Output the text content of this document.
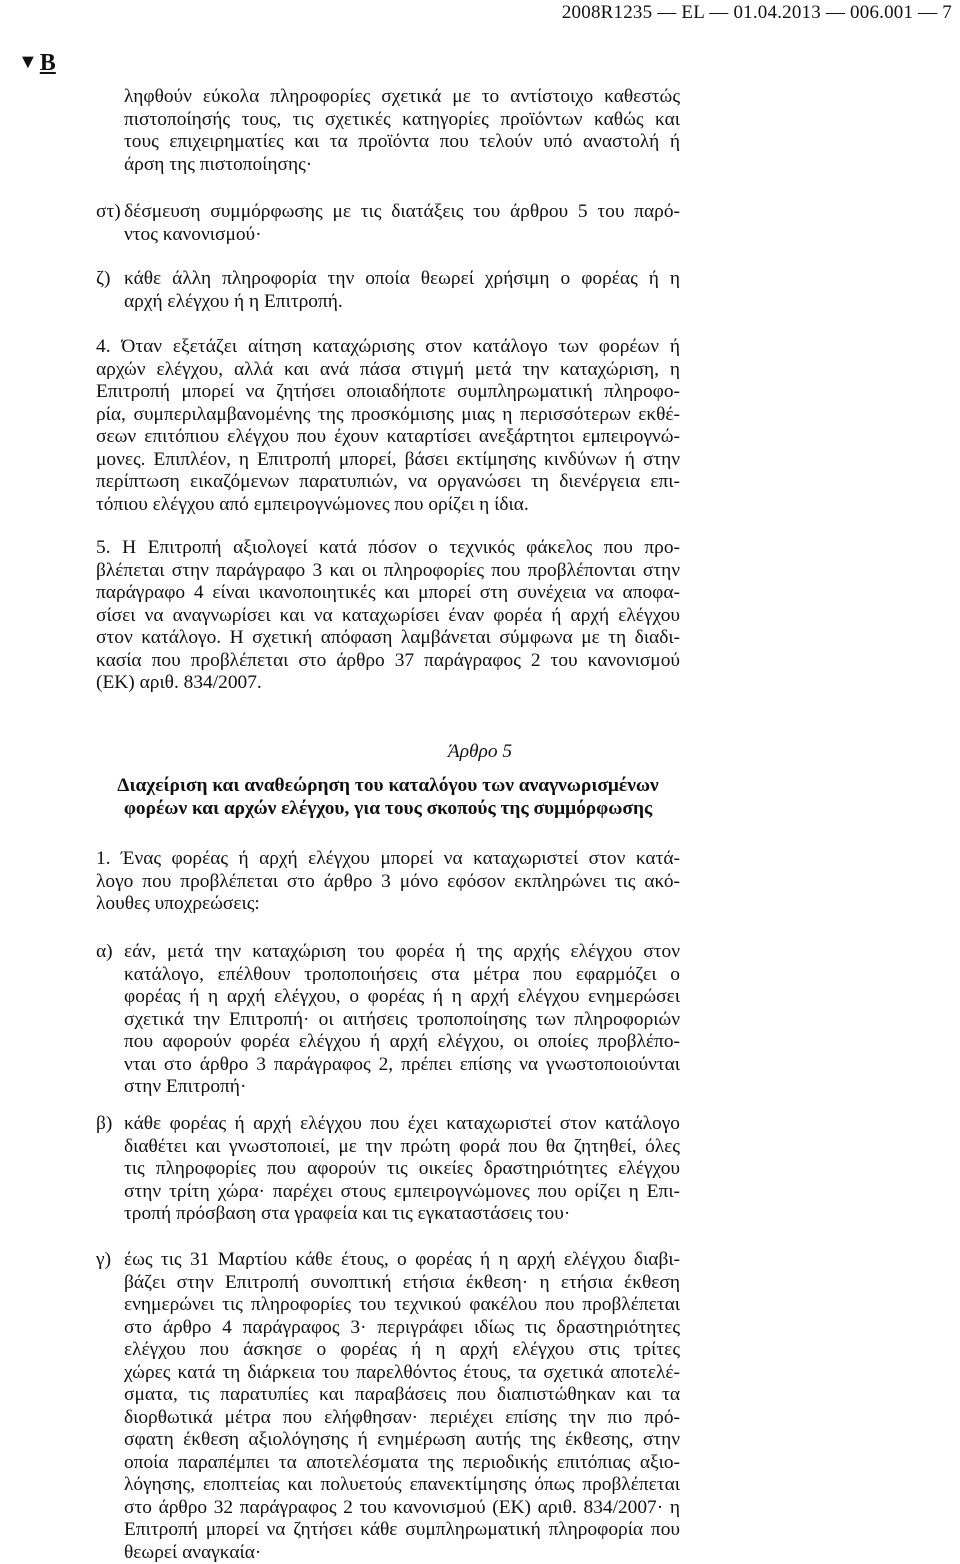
2008R1235 — EL — 01.04.2013 — 006.001 — 7
▼B
ληφθούν εύκολα πληροφορίες σχετικά με το αντίστοιχο καθεστώς
πιστοποίησής τους, τις σχετικές κατηγορίες προϊόντων καθώς και
τους επιχειρηματίες και τα προϊόντα που τελούν υπό αναστολή ή
άρση της πιστοποίησης·
στ) δέσμευση συμμόρφωσης με τις διατάξεις του άρθρου 5 του παρό-
ντος κανονισμού·
ζ) κάθε άλλη πληροφορία την οποία θεωρεί χρήσιμη ο φορέας ή η
αρχή ελέγχου ή η Επιτροπή.
4. Όταν εξετάζει αίτηση καταχώρισης στον κατάλογο των φορέων ή
αρχών ελέγχου, αλλά και ανά πάσα στιγμή μετά την καταχώριση, η
Επιτροπή μπορεί να ζητήσει οποιαδήποτε συμπληρωματική πληροφο-
ρία, συμπεριλαμβανομένης της προσκόμισης μιας η περισσότερων εκθέ-
σεων επιτόπιου ελέγχου που έχουν καταρτίσει ανεξάρτητοι εμπειρογνώ-
μονες. Επιπλέον, η Επιτροπή μπορεί, βάσει εκτίμησης κινδύνων ή στην
περίπτωση εικαζόμενων παρατυπιών, να οργανώσει τη διενέργεια επι-
τόπιου ελέγχου από εμπειρογνώμονες που ορίζει η ίδια.
5. Η Επιτροπή αξιολογεί κατά πόσον ο τεχνικός φάκελος που προ-
βλέπεται στην παράγραφο 3 και οι πληροφορίες που προβλέπονται στην
παράγραφο 4 είναι ικανοποιητικές και μπορεί στη συνέχεια να αποφα-
σίσει να αναγνωρίσει και να καταχωρίσει έναν φορέα ή αρχή ελέγχου
στον κατάλογο. Η σχετική απόφαση λαμβάνεται σύμφωνα με τη διαδι-
κασία που προβλέπεται στο άρθρο 37 παράγραφος 2 του κανονισμού
(ΕΚ) αριθ. 834/2007.
Άρθρο 5
Διαχείριση και αναθεώρηση του καταλόγου των αναγνωρισμένων
φορέων και αρχών ελέγχου, για τους σκοπούς της συμμόρφωσης
1. Ένας φορέας ή αρχή ελέγχου μπορεί να καταχωριστεί στον κατά-
λογο που προβλέπεται στο άρθρο 3 μόνο εφόσον εκπληρώνει τις ακό-
λουθες υποχρεώσεις:
α) εάν, μετά την καταχώριση του φορέα ή της αρχής ελέγχου στον
κατάλογο, επέλθουν τροποποιήσεις στα μέτρα που εφαρμόζει ο
φορέας ή η αρχή ελέγχου, ο φορέας ή η αρχή ελέγχου ενημερώσει
σχετικά την Επιτροπή· οι αιτήσεις τροποποίησης των πληροφοριών
που αφορούν φορέα ελέγχου ή αρχή ελέγχου, οι οποίες προβλέπο-
νται στο άρθρο 3 παράγραφος 2, πρέπει επίσης να γνωστοποιούνται
στην Επιτροπή·
β) κάθε φορέας ή αρχή ελέγχου που έχει καταχωριστεί στον κατάλογο
διαθέτει και γνωστοποιεί, με την πρώτη φορά που θα ζητηθεί, όλες
τις πληροφορίες που αφορούν τις οικείες δραστηριότητες ελέγχου
στην τρίτη χώρα· παρέχει στους εμπειρογνώμονες που ορίζει η Επι-
τροπή πρόσβαση στα γραφεία και τις εγκαταστάσεις του·
γ) έως τις 31 Μαρτίου κάθε έτους, ο φορέας ή η αρχή ελέγχου διαβι-
βάζει στην Επιτροπή συνοπτική ετήσια έκθεση· η ετήσια έκθεση
ενημερώνει τις πληροφορίες του τεχνικού φακέλου που προβλέπεται
στο άρθρο 4 παράγραφος 3· περιγράφει ιδίως τις δραστηριότητες
ελέγχου που άσκησε ο φορέας ή η αρχή ελέγχου στις τρίτες
χώρες κατά τη διάρκεια του παρελθόντος έτους, τα σχετικά αποτελέ-
σματα, τις παρατυπίες και παραβάσεις που διαπιστώθηκαν και τα
διορθωτικά μέτρα που ελήφθησαν· περιέχει επίσης την πιο πρό-
σφατη έκθεση αξιολόγησης ή ενημέρωση αυτής της έκθεσης, στην
οποία παραπέμπει τα αποτελέσματα της περιοδικής επιτόπιας αξιο-
λόγησης, εποπτείας και πολυετούς επανεκτίμησης όπως προβλέπεται
στο άρθρο 32 παράγραφος 2 του κανονισμού (ΕΚ) αριθ. 834/2007· η
Επιτροπή μπορεί να ζητήσει κάθε συμπληρωματική πληροφορία που
θεωρεί αναγκαία·
